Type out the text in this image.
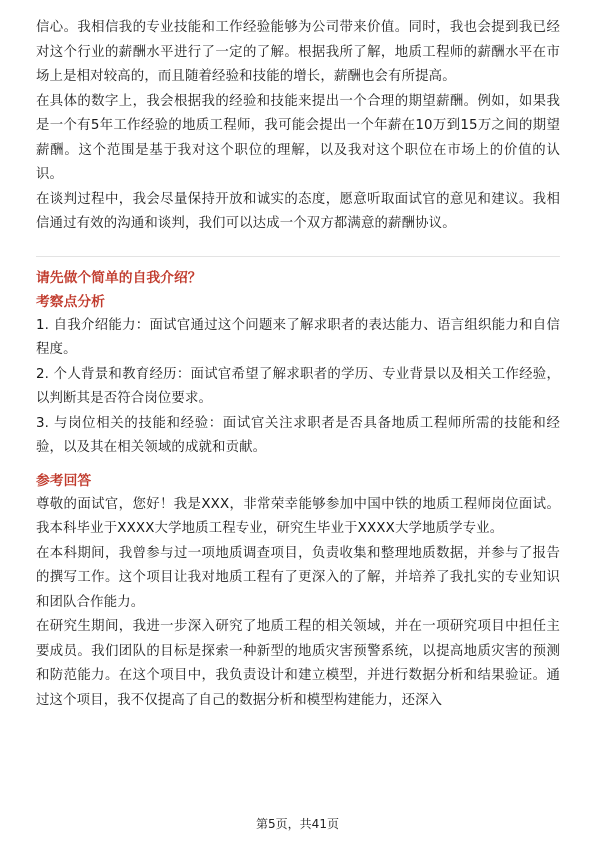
信心。我相信我的专业技能和工作经验能够为公司带来价值。同时，我也会提到我已经对这个行业的薪酬水平进行了一定的了解。根据我所了解，地质工程师的薪酬水平在市场上是相对较高的，而且随着经验和技能的增长，薪酬也会有所提高。

在具体的数字上，我会根据我的经验和技能来提出一个合理的期望薪酬。例如，如果我是一个有5年工作经验的地质工程师，我可能会提出一个年薪在10万到15万之间的期望薪酬。这个范围是基于我对这个职位的理解，以及我对这个职位在市场上的价值的认识。

在谈判过程中，我会尽量保持开放和诚实的态度，愿意听取面试官的意见和建议。我相信通过有效的沟通和谈判，我们可以达成一个双方都满意的薪酬协议。

请先做个简单的自我介绍？

考察点分析

1. 自我介绍能力：面试官通过这个问题来了解求职者的表达能力、语言组织能力和自信程度。

2. 个人背景和教育经历：面试官希望了解求职者的学历、专业背景以及相关工作经验，以判断其是否符合岗位要求。

3. 与岗位相关的技能和经验：面试官关注求职者是否具备地质工程师所需的技能和经验，以及其在相关领域的成就和贡献。

参考回答

尊敬的面试官，您好！我是XXX，非常荣幸能够参加中国中铁的地质工程师岗位面试。我本科毕业于XXXX大学地质工程专业，研究生毕业于XXXX大学地质学专业。

在本科期间，我曾参与过一项地质调查项目，负责收集和整理地质数据，并参与了报告的撰写工作。这个项目让我对地质工程有了更深入的了解，并培养了我扎实的专业知识和团队合作能力。

在研究生期间，我进一步深入研究了地质工程的相关领域，并在一项研究项目中担任主要成员。我们团队的目标是探索一种新型的地质灾害预警系统，以提高地质灾害的预测和防范能力。在这个项目中，我负责设计和建立模型，并进行数据分析和结果验证。通过这个项目，我不仅提高了自己的数据分析和模型构建能力，还深入

第5页，共41页
